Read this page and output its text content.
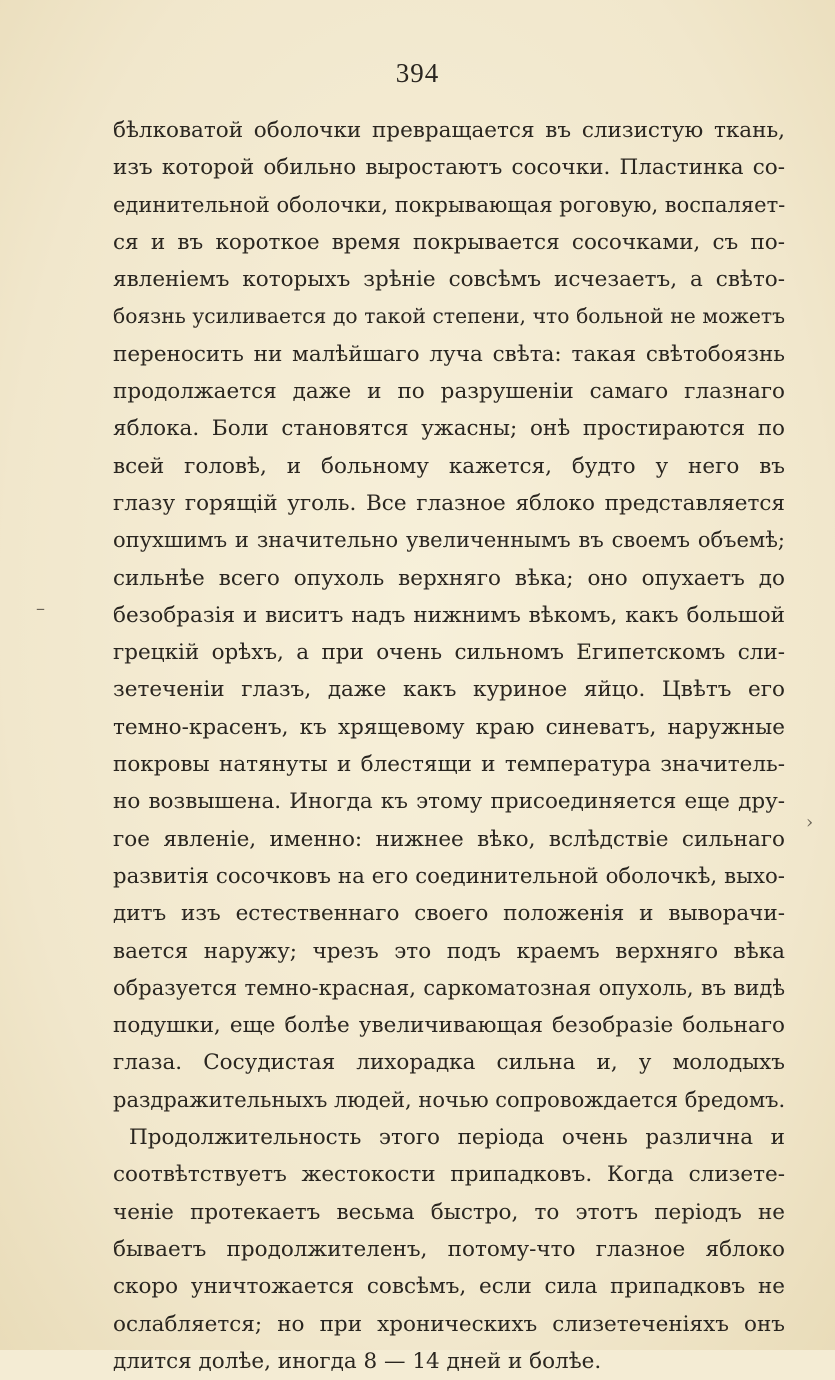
394
–
›
бѣлковатой оболочки превращается въ слизистую ткань,
изъ которой обильно выростаютъ сосочки. Пластинка со-
единительной оболочки, покрывающая роговую, воспаляет-
ся и въ короткое время покрывается сосочками, съ по-
явленіемъ которыхъ зрѣніе совсѣмъ исчезаетъ, а свѣто-
боязнь усиливается до такой степени, что больной не можетъ
переносить ни малѣйшаго луча свѣта: такая свѣтобоязнь
продолжается даже и по разрушеніи самаго глазнаго
яблока. Боли становятся ужасны; онѣ простираются по
всей головѣ, и больному кажется, будто у него въ
глазу горящій уголь. Все глазное яблоко представляется
опухшимъ и значительно увеличеннымъ въ своемъ объемѣ;
сильнѣе всего опухоль верхняго вѣка; оно опухаетъ до
безобразія и виситъ надъ нижнимъ вѣкомъ, какъ большой
грецкій орѣхъ, а при очень сильномъ Египетскомъ сли-
зетеченіи глазъ, даже какъ куриное яйцо. Цвѣтъ его
темно-красенъ, къ хрящевому краю синеватъ, наружные
покровы натянуты и блестящи и температура значитель-
но возвышена. Иногда къ этому присоединяется еще дру-
гое явленіе, именно: нижнее вѣко, вслѣдствіе сильнаго
развитія сосочковъ на его соединительной оболочкѣ, выхо-
дитъ изъ естественнаго своего положенія и выворачи-
вается наружу; чрезъ это подъ краемъ верхняго вѣка
образуется темно-красная, саркоматозная опухоль, въ видѣ
подушки, еще болѣе увеличивающая безобразіе больнаго
глаза. Сосудистая лихорадка сильна и, у молодыхъ
раздражительныхъ людей, ночью сопровождается бредомъ.
Продолжительность этого періода очень различна и
соотвѣтствуетъ жестокости припадковъ. Когда слизете-
ченіе протекаетъ весьма быстро, то этотъ періодъ не
бываетъ продолжителенъ, потому-что глазное яблоко
скоро уничтожается совсѣмъ, если сила припадковъ не
ослабляется; но при хроническихъ слизетеченіяхъ онъ
длится долѣе, иногда 8 — 14 дней и болѣе.
